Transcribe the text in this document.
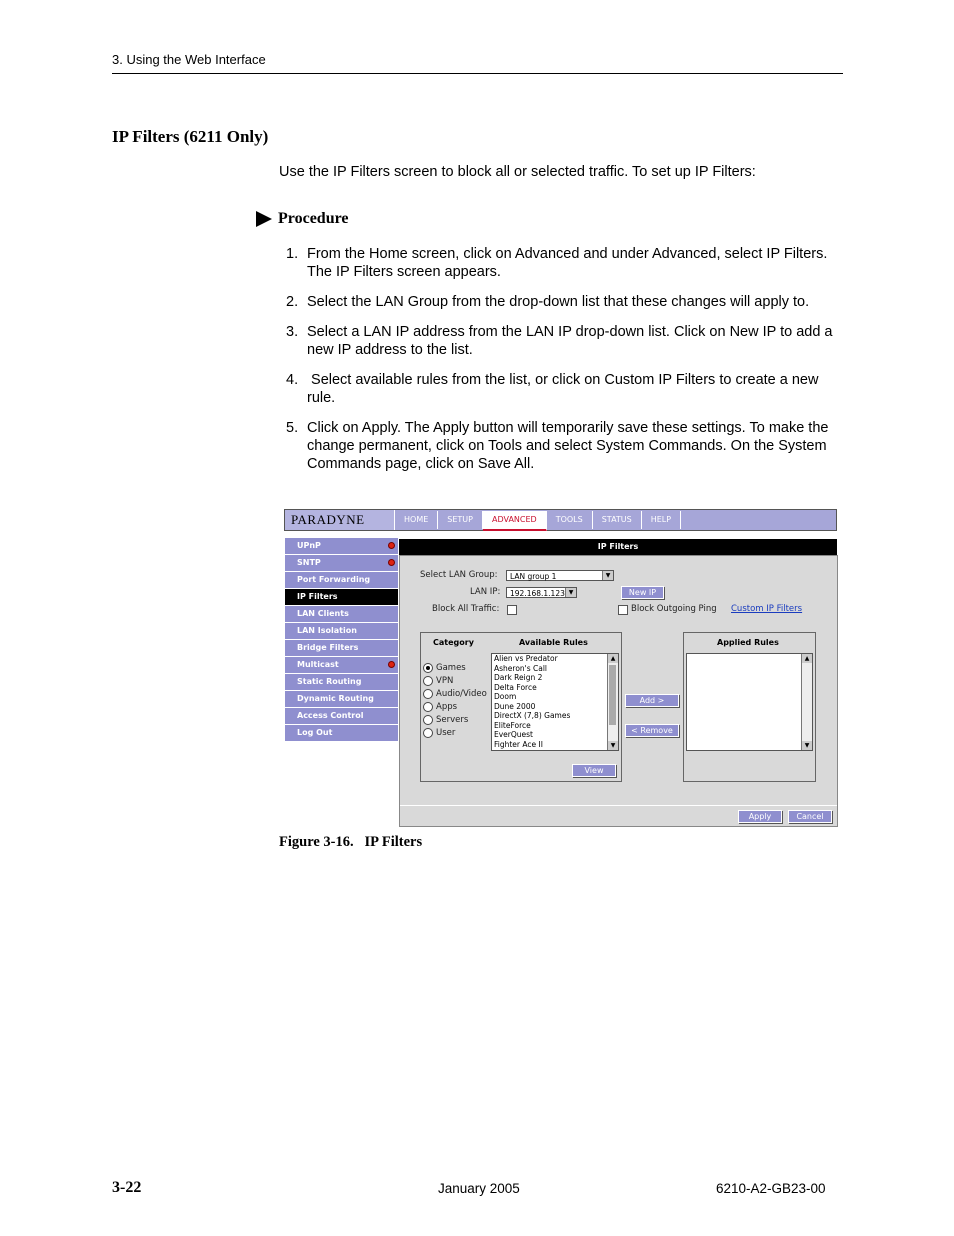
3. Using the Web Interface
IP Filters (6211 Only)
Use the IP Filters screen to block all or selected traffic. To set up IP Filters:
Procedure
1. From the Home screen, click on Advanced and under Advanced, select IP Filters. The IP Filters screen appears.
2. Select the LAN Group from the drop-down list that these changes will apply to.
3. Select a LAN IP address from the LAN IP drop-down list. Click on New IP to add a new IP address to the list.
4. Select available rules from the list, or click on Custom IP Filters to create a new rule.
5. Click on Apply. The Apply button will temporarily save these settings. To make the change permanent, click on Tools and select System Commands. On the System Commands page, click on Save All.
PARADYNE	HOME	SETUP	ADVANCED	TOOLS	STATUS	HELP
UPnP
SNTP
Port Forwarding
IP Filters
LAN Clients
LAN Isolation
Bridge Filters
Multicast
Static Routing
Dynamic Routing
Access Control
Log Out
IP Filters
Select LAN Group:	LAN group 1	▼
LAN IP:	192.168.1.123 ▼	New IP
Block All Traffic:	Block Outgoing Ping Custom IP Filters
Category	Available Rules
Games
VPN
Audio/Video
Apps
Servers
User
Alien vs Predator
Asheron's Call
Dark Reign 2
Delta Force
Doom
Dune 2000
DirectX (7,8) Games
EliteForce
EverQuest
Fighter Ace II
▲
▼
View
Add >
< Remove
Applied Rules
▲
▼
Apply	Cancel
Figure 3-16.   IP Filters
3-22	January 2005	6210-A2-GB23-00
